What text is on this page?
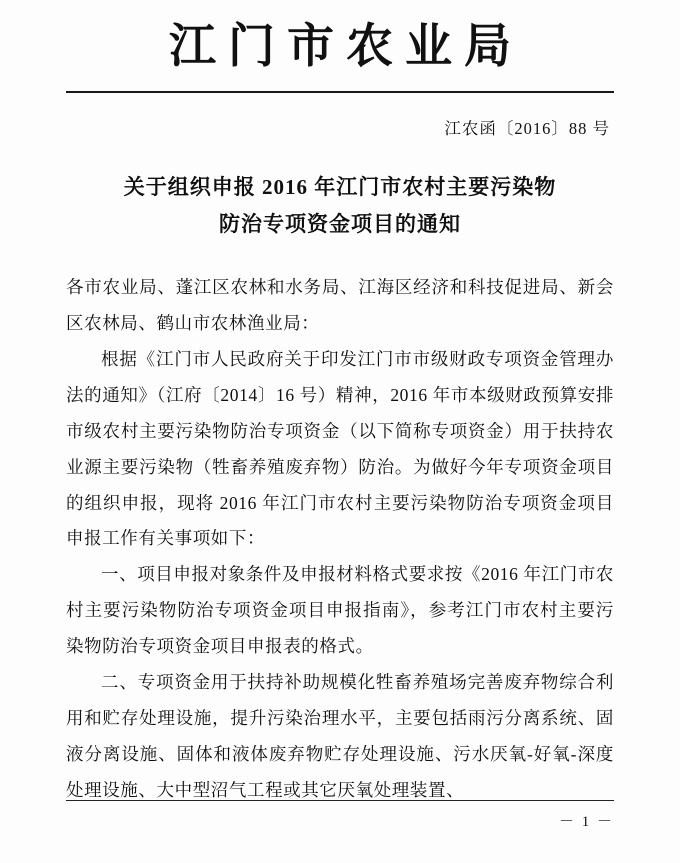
江门市农业局
江农函〔2016〕88 号
关于组织申报 2016 年江门市农村主要污染物
防治专项资金项目的通知

各市农业局、蓬江区农林和水务局、江海区经济和科技促进局、新会区农林局、鹤山市农林渔业局：

根据《江门市人民政府关于印发江门市市级财政专项资金管理办法的通知》（江府〔2014〕16 号）精神，2016 年市本级财政预算安排市级农村主要污染物防治专项资金（以下简称专项资金）用于扶持农业源主要污染物（牲畜养殖废弃物）防治。为做好今年专项资金项目的组织申报，现将 2016 年江门市农村主要污染物防治专项资金项目申报工作有关事项如下：

一、项目申报对象条件及申报材料格式要求按《2016 年江门市农村主要污染物防治专项资金项目申报指南》，参考江门市农村主要污染物防治专项资金项目申报表的格式。

二、专项资金用于扶持补助规模化牲畜养殖场完善废弃物综合利用和贮存处理设施，提升污染治理水平，主要包括雨污分离系统、固液分离设施、固体和液体废弃物贮存处理设施、污水厌氧-好氧-深度处理设施、大中型沼气工程或其它厌氧处理装置、

－ 1 －
